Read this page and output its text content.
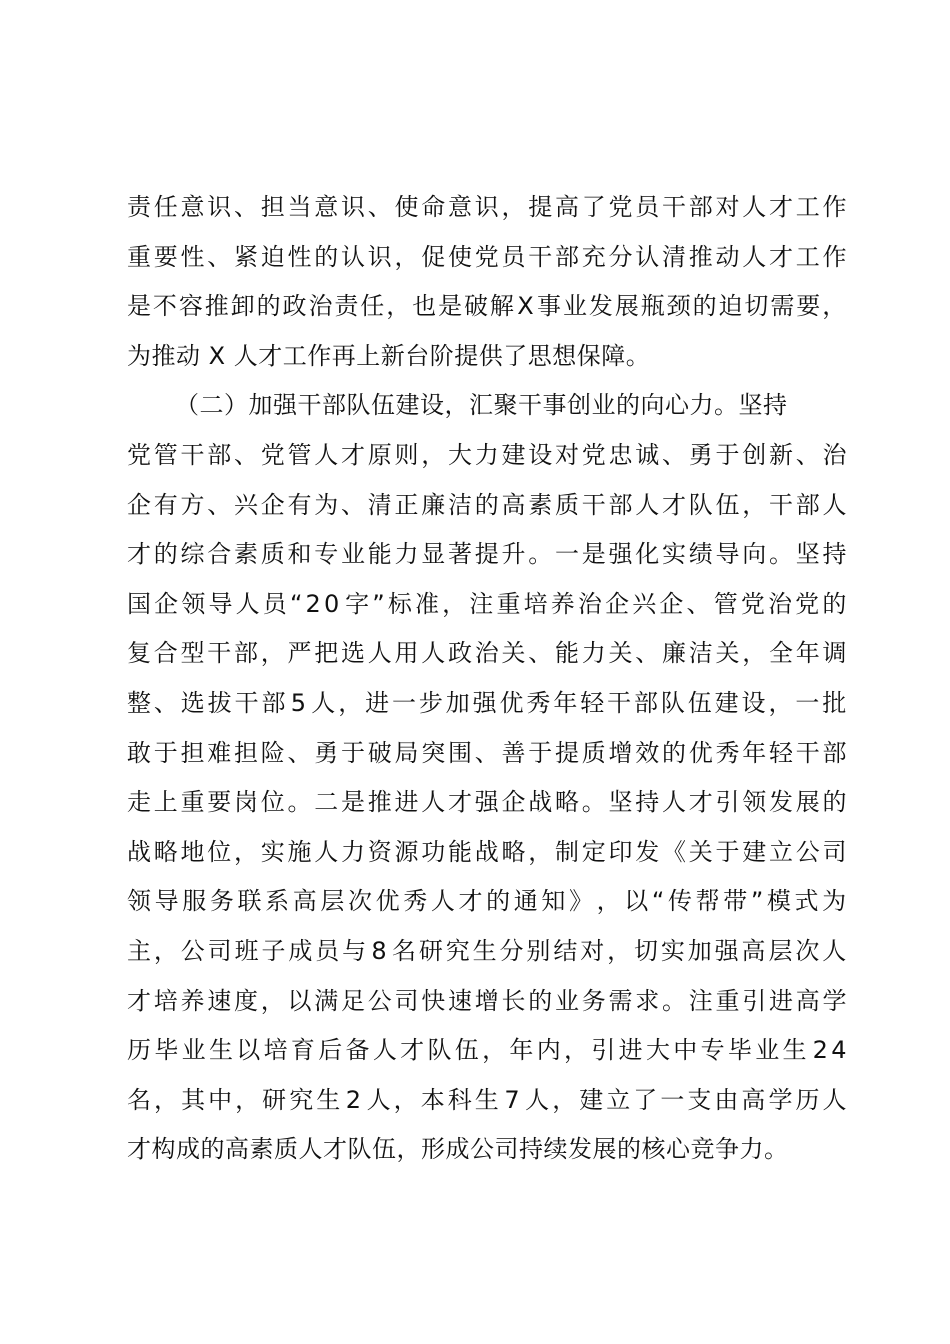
责 任 意 识 、 担 当 意 识 、 使 命 意 识 ， 提 高 了 党 员 干 部 对 人 才 工 作
重 要 性 、 紧 迫 性 的 认 识 ， 促 使 党 员 干 部 充 分 认 清 推 动 人 才 工 作
是 不 容 推 卸 的 政 治 责 任 ， 也 是 破 解 X 事 业 发 展 瓶 颈 的 迫 切 需 要 ，
为推动 X 人才工作再上新台阶提供了思想保障。
（二）加强干部队伍建设，汇聚干事创业的向心力。坚持
党 管 干 部 、 党 管 人 才 原 则 ， 大 力 建 设 对 党 忠 诚 、 勇 于 创 新 、 治
企 有 方 、 兴 企 有 为 、 清 正 廉 洁 的 高 素 质 干 部 人 才 队 伍 ， 干 部 人
才 的 综 合 素 质 和 专 业 能 力 显 著 提 升 。 一 是 强 化 实 绩 导 向 。 坚 持
国 企 领 导 人 员 “ 2 0 字 ” 标 准 ， 注 重 培 养 治 企 兴 企 、 管 党 治 党 的
复 合 型 干 部 ， 严 把 选 人 用 人 政 治 关 、 能 力 关 、 廉 洁 关 ， 全 年 调
整 、 选 拔 干 部 5 人 ， 进 一 步 加 强 优 秀 年 轻 干 部 队 伍 建 设 ， 一 批
敢 于 担 难 担 险 、 勇 于 破 局 突 围 、 善 于 提 质 增 效 的 优 秀 年 轻 干 部
走 上 重 要 岗 位 。 二 是 推 进 人 才 强 企 战 略 。 坚 持 人 才 引 领 发 展 的
战 略 地 位 ， 实 施 人 力 资 源 功 能 战 略 ， 制 定 印 发 《 关 于 建 立 公 司
领 导 服 务 联 系 高 层 次 优 秀 人 才 的 通 知 》 ， 以 “ 传 帮 带 ” 模 式 为
主 ， 公 司 班 子 成 员 与 8 名 研 究 生 分 别 结 对 ， 切 实 加 强 高 层 次 人
才 培 养 速 度 ， 以 满 足 公 司 快 速 增 长 的 业 务 需 求 。 注 重 引 进 高 学
历 毕 业 生 以 培 育 后 备 人 才 队 伍 ， 年 内 ， 引 进 大 中 专 毕 业 生 2 4
名 ， 其 中 ， 研 究 生 2 人 ， 本 科 生 7 人 ， 建 立 了 一 支 由 高 学 历 人
才构成的高素质人才队伍，形成公司持续发展的核心竞争力。
